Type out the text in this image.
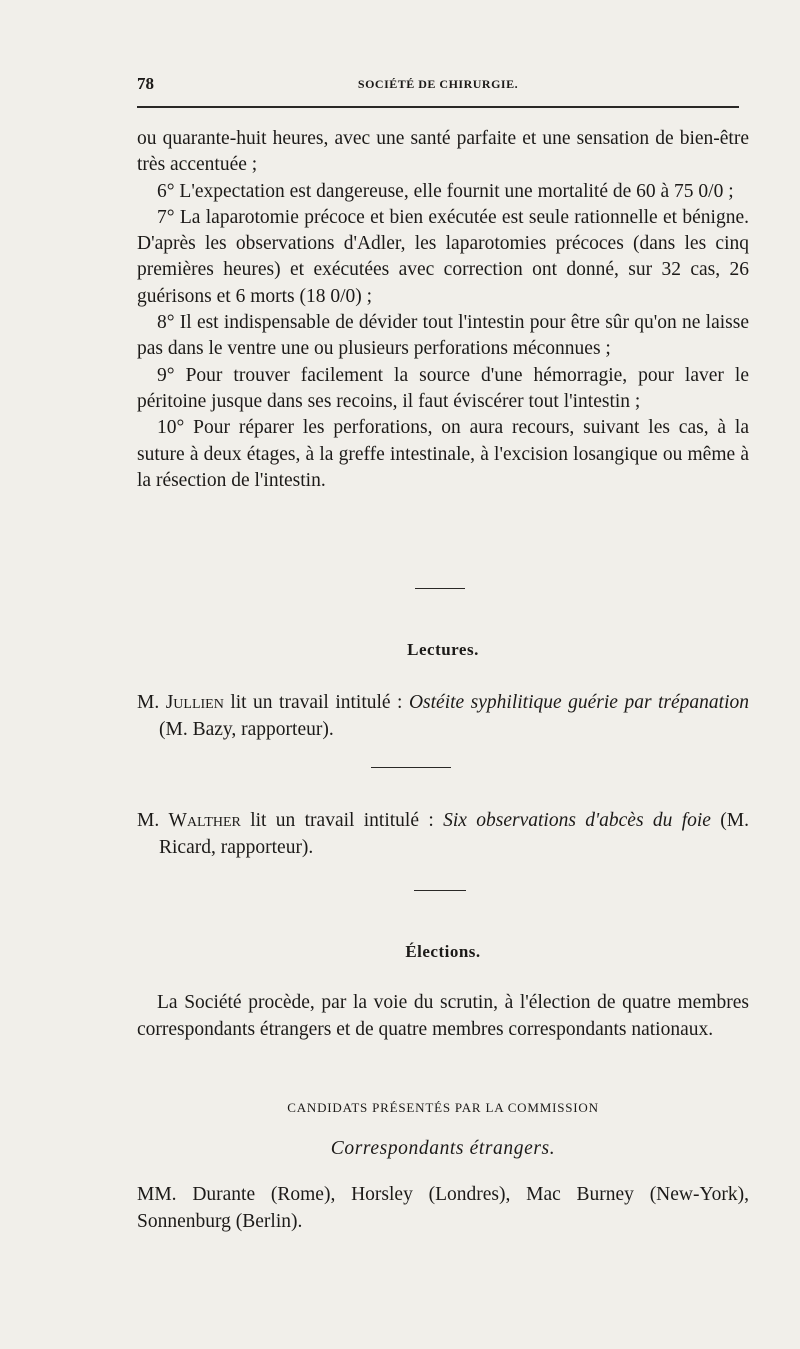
78	SOCIÉTÉ DE CHIRURGIE.

ou quarante-huit heures, avec une santé parfaite et une sensation de bien-être très accentuée ;

6° L'expectation est dangereuse, elle fournit une mortalité de 60 à 75 0/0 ;

7° La laparotomie précoce et bien exécutée est seule rationnelle et bénigne. D'après les observations d'Adler, les laparotomies précoces (dans les cinq premières heures) et exécutées avec correction ont donné, sur 32 cas, 26 guérisons et 6 morts (18 0/0) ;

8° Il est indispensable de dévider tout l'intestin pour être sûr qu'on ne laisse pas dans le ventre une ou plusieurs perforations méconnues ;

9° Pour trouver facilement la source d'une hémorragie, pour laver le péritoine jusque dans ses recoins, il faut éviscérer tout l'intestin ;

10° Pour réparer les perforations, on aura recours, suivant les cas, à la suture à deux étages, à la greffe intestinale, à l'excision losangique ou même à la résection de l'intestin.

Lectures.
M. Jullien lit un travail intitulé : Ostéite syphilitique guérie par trépanation (M. Bazy, rapporteur).
M. Walther lit un travail intitulé : Six observations d'abcès du foie (M. Ricard, rapporteur).
Élections.
La Société procède, par la voie du scrutin, à l'élection de quatre membres correspondants étrangers et de quatre membres correspondants nationaux.
CANDIDATS PRÉSENTÉS PAR LA COMMISSION
Correspondants étrangers.
MM. Durante (Rome), Horsley (Londres), Mac Burney (New-York), Sonnenburg (Berlin).
